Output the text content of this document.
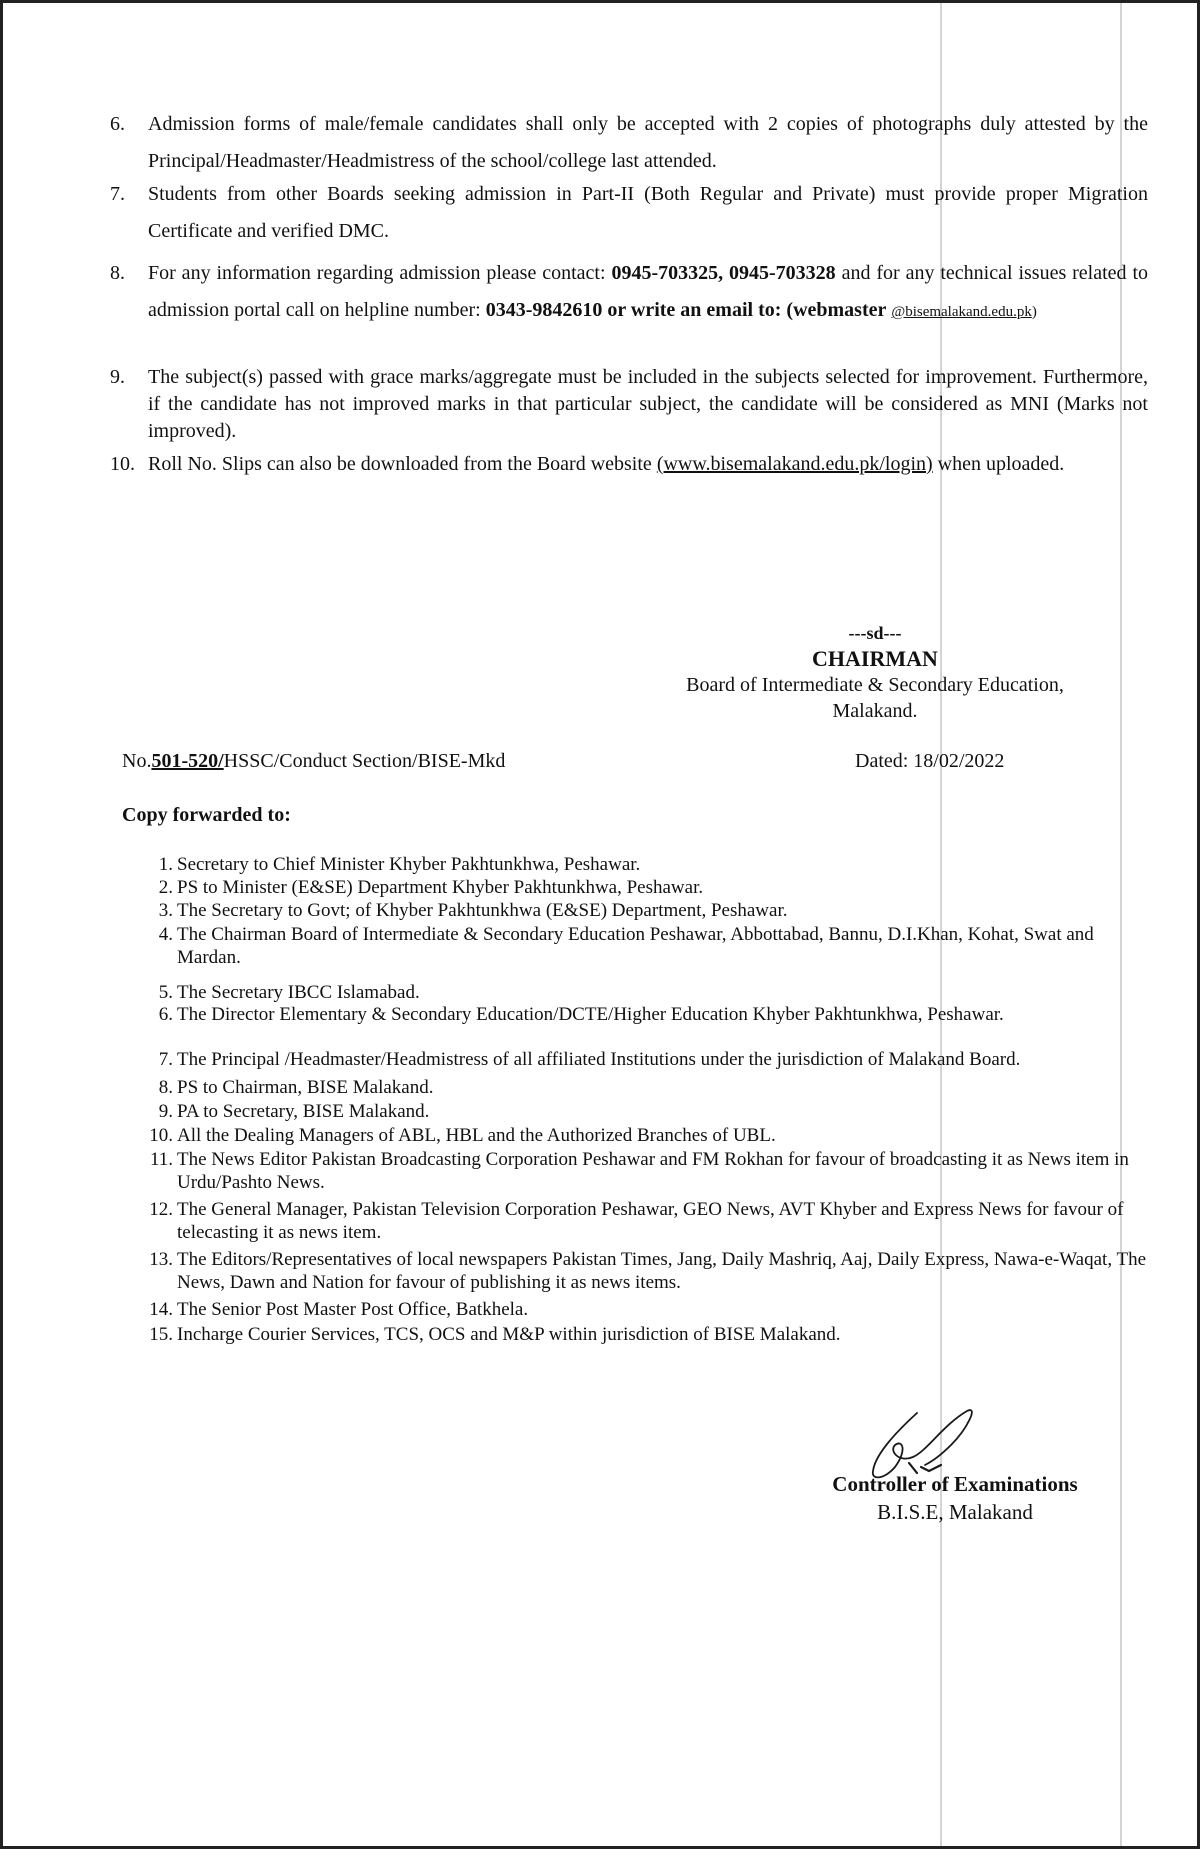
6.	Admission forms of male/female candidates shall only be accepted with 2 copies of photographs duly attested by the Principal/Headmaster/Headmistress of the school/college last attended.
7.	Students from other Boards seeking admission in Part-II (Both Regular and Private) must provide proper Migration Certificate and verified DMC.
8.	For any information regarding admission please contact: 0945-703325, 0945-703328 and for any technical issues related to admission portal call on helpline number: 0343-9842610 or write an email to: (webmaster @bisemalakand.edu.pk)
9.	The subject(s) passed with grace marks/aggregate must be included in the subjects selected for improvement. Furthermore, if the candidate has not improved marks in that particular subject, the candidate will be considered as MNI (Marks not improved).
10. Roll No. Slips can also be downloaded from the Board website (www.bisemalakand.edu.pk/login) when uploaded.
---sd---
CHAIRMAN
Board of Intermediate & Secondary Education,
Malakand.
No.501-520/HSSC/Conduct Section/BISE-Mkd	Dated: 18/02/2022
Copy forwarded to:
1. Secretary to Chief Minister Khyber Pakhtunkhwa, Peshawar.
2. PS to Minister (E&SE) Department Khyber Pakhtunkhwa, Peshawar.
3. The Secretary to Govt; of Khyber Pakhtunkhwa (E&SE) Department, Peshawar.
4. The Chairman Board of Intermediate & Secondary Education Peshawar, Abbottabad, Bannu, D.I.Khan, Kohat, Swat and Mardan.
5. The Secretary IBCC Islamabad.
6. The Director Elementary & Secondary Education/DCTE/Higher Education Khyber Pakhtunkhwa, Peshawar.
7. The Principal /Headmaster/Headmistress of all affiliated Institutions under the jurisdiction of Malakand Board.
8. PS to Chairman, BISE Malakand.
9. PA to Secretary, BISE Malakand.
10. All the Dealing Managers of ABL, HBL and the Authorized Branches of UBL.
11. The News Editor Pakistan Broadcasting Corporation Peshawar and FM Rokhan for favour of broadcasting it as News item in Urdu/Pashto News.
12. The General Manager, Pakistan Television Corporation Peshawar, GEO News, AVT Khyber and Express News for favour of telecasting it as news item.
13. The Editors/Representatives of local newspapers Pakistan Times, Jang, Daily Mashriq, Aaj, Daily Express, Nawa-e-Waqat, The News, Dawn and Nation for favour of publishing it as news items.
14. The Senior Post Master Post Office, Batkhela.
15. Incharge Courier Services, TCS, OCS and M&P within jurisdiction of BISE Malakand.
Controller of Examinations
B.I.S.E, Malakand
